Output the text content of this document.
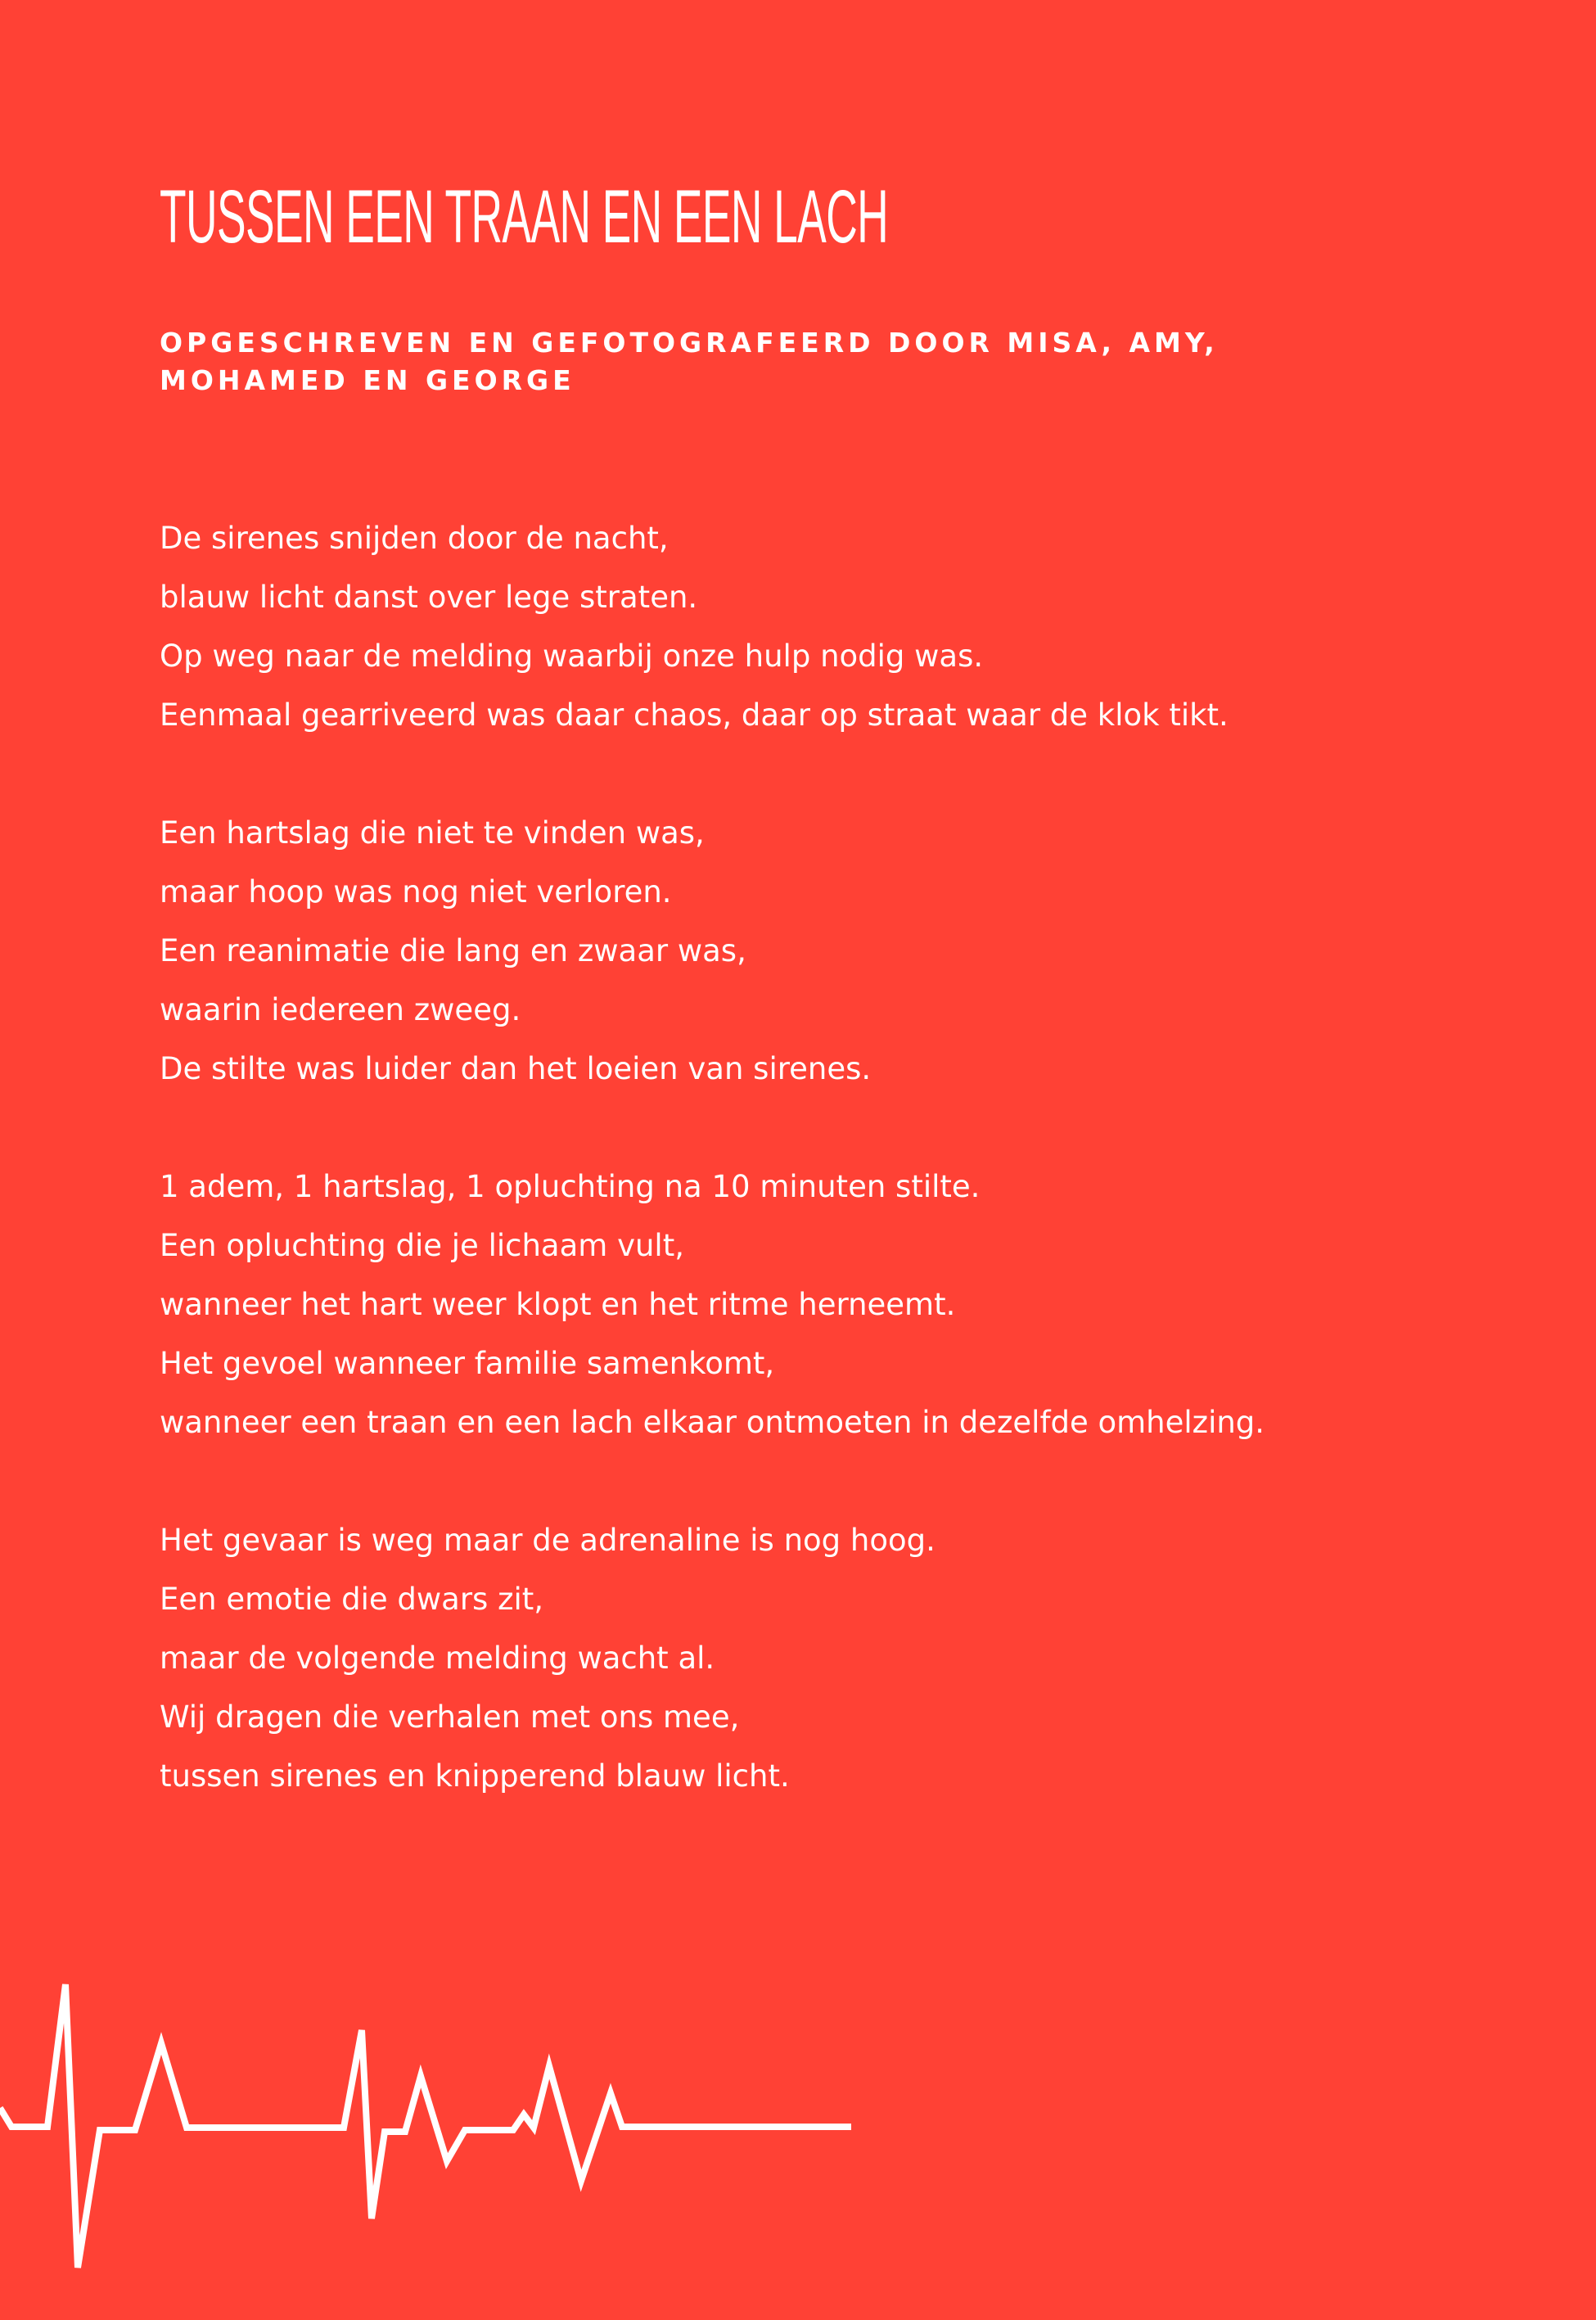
TUSSEN EEN TRAAN EN EEN LACH

OPGESCHREVEN EN GEFOTOGRAFEERD DOOR MISA, AMY, MOHAMED EN GEORGE

De sirenes snijden door de nacht,
blauw licht danst over lege straten.
Op weg naar de melding waarbij onze hulp nodig was.
Eenmaal gearriveerd was daar chaos, daar op straat waar de klok tikt.
Een hartslag die niet te vinden was,
maar hoop was nog niet verloren.
Een reanimatie die lang en zwaar was,
waarin iedereen zweeg.
De stilte was luider dan het loeien van sirenes.
1 adem, 1 hartslag, 1 opluchting na 10 minuten stilte.
Een opluchting die je lichaam vult,
wanneer het hart weer klopt en het ritme herneemt.
Het gevoel wanneer familie samenkomt,
wanneer een traan en een lach elkaar ontmoeten in dezelfde omhelzing.
Het gevaar is weg maar de adrenaline is nog hoog.
Een emotie die dwars zit,
maar de volgende melding wacht al.
Wij dragen die verhalen met ons mee,
tussen sirenes en knipperend blauw licht.
